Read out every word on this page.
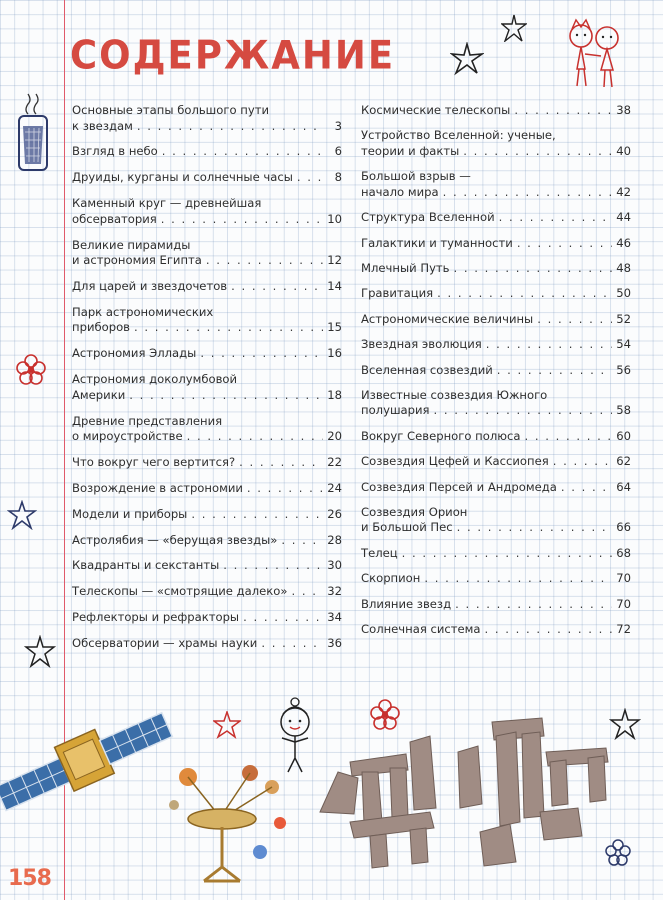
СОДЕРЖАНИЕ
Основные этапы большого пути
к звездам . . .	3
Взгляд в небо . . .	6
Друиды, курганы и солнечные часы . . .	8
Каменный круг — древнейшая
обсерватория . . .	10
Великие пирамиды
и астрономия Египта . . .	12
Для царей и звездочетов . . .	14
Парк астрономических
приборов . . .	15
Астрономия Эллады . . .	16
Астрономия доколумбовой
Америки . . .	18
Древние представления
о мироустройстве . . .	20
Что вокруг чего вертится? . . .	22
Возрождение в астрономии . . .	24
Модели и приборы . . .	26
Астролябия — «берущая звезды» . . .	28
Квадранты и секстанты . . .	30
Телескопы — «смотрящие далеко» . . .	32
Рефлекторы и рефракторы . . .	34
Обсерватории — храмы науки . . .	36
Космические телескопы . . .	38
Устройство Вселенной: ученые,
теории и факты . . .	40
Большой взрыв —
начало мира . . .	42
Структура Вселенной . . .	44
Галактики и туманности . . .	46
Млечный Путь . . .	48
Гравитация . . .	50
Астрономические величины . . .	52
Звездная эволюция . . .	54
Вселенная созвездий . . .	56
Известные созвездия Южного
полушария . . .	58
Вокруг Северного полюса . . .	60
Созвездия Цефей и Кассиопея . . .	62
Созвездия Персей и Андромеда . . .	64
Созвездия Орион
и Большой Пес . . .	66
Телец . . .	68
Скорпион . . .	70
Влияние звезд . . .	70
Солнечная система . . .	72
158
